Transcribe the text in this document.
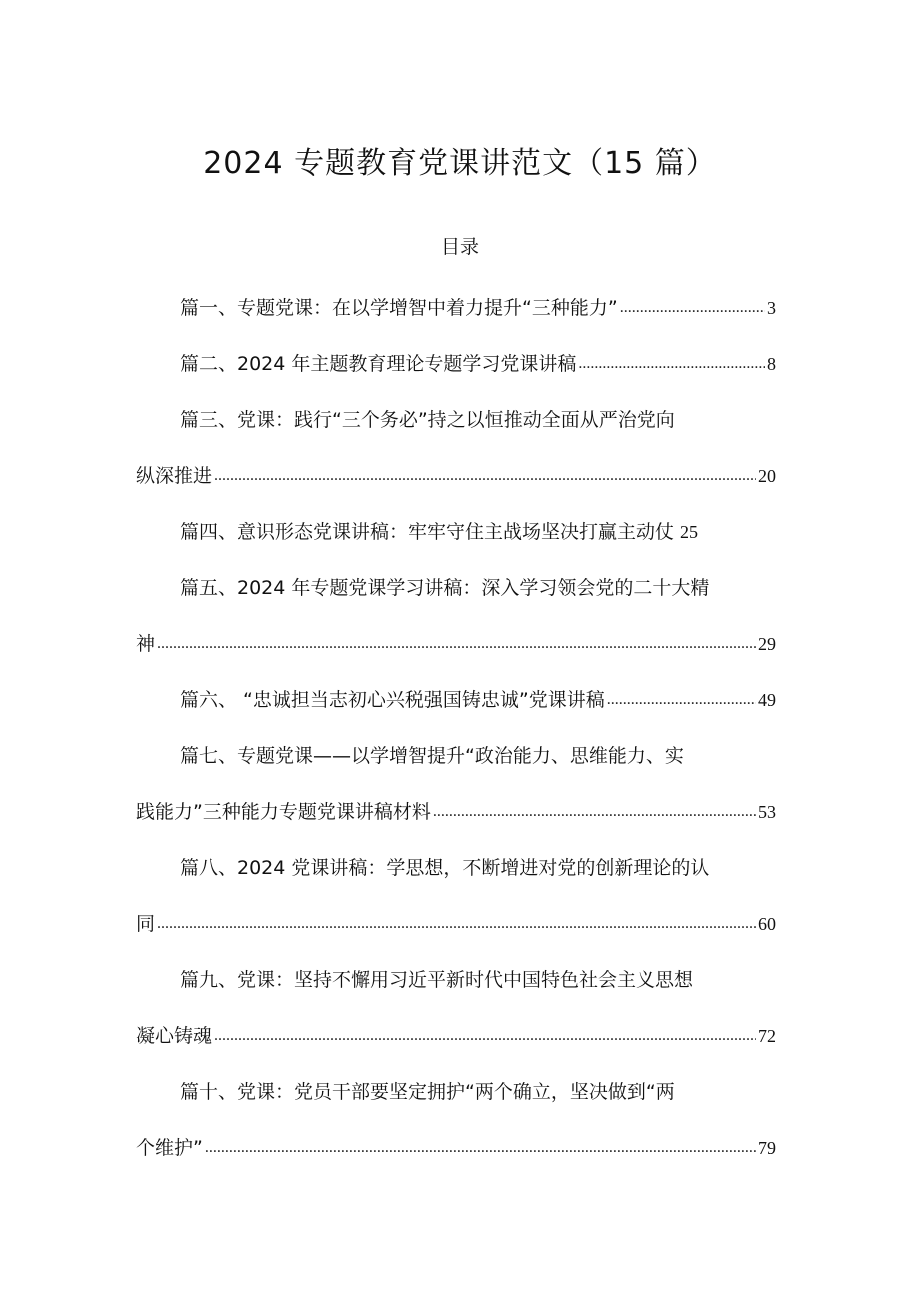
2024 专题教育党课讲范文（15 篇）
目录
篇一、专题党课：在以学增智中着力提升“三种能力” .....	3
篇二、2024 年主题教育理论专题学习党课讲稿 .....	8
篇三、党课：践行“三个务必”持之以恒推动全面从严治党向
纵深推进 .....	20
篇四、意识形态党课讲稿：牢牢守住主战场坚决打赢主动仗 25
篇五、2024 年专题党课学习讲稿：深入学习领会党的二十大精
神 .....	29
篇六、 “忠诚担当志初心兴税强国铸忠诚”党课讲稿 .....	49
篇七、专题党课——以学增智提升“政治能力、思维能力、实
践能力”三种能力专题党课讲稿材料 .....	53
篇八、2024 党课讲稿：学思想，不断增进对党的创新理论的认
同 .....	60
篇九、党课：坚持不懈用习近平新时代中国特色社会主义思想
凝心铸魂 .....	72
篇十、党课：党员干部要坚定拥护“两个确立，坚决做到“两
个维护” .....	79
